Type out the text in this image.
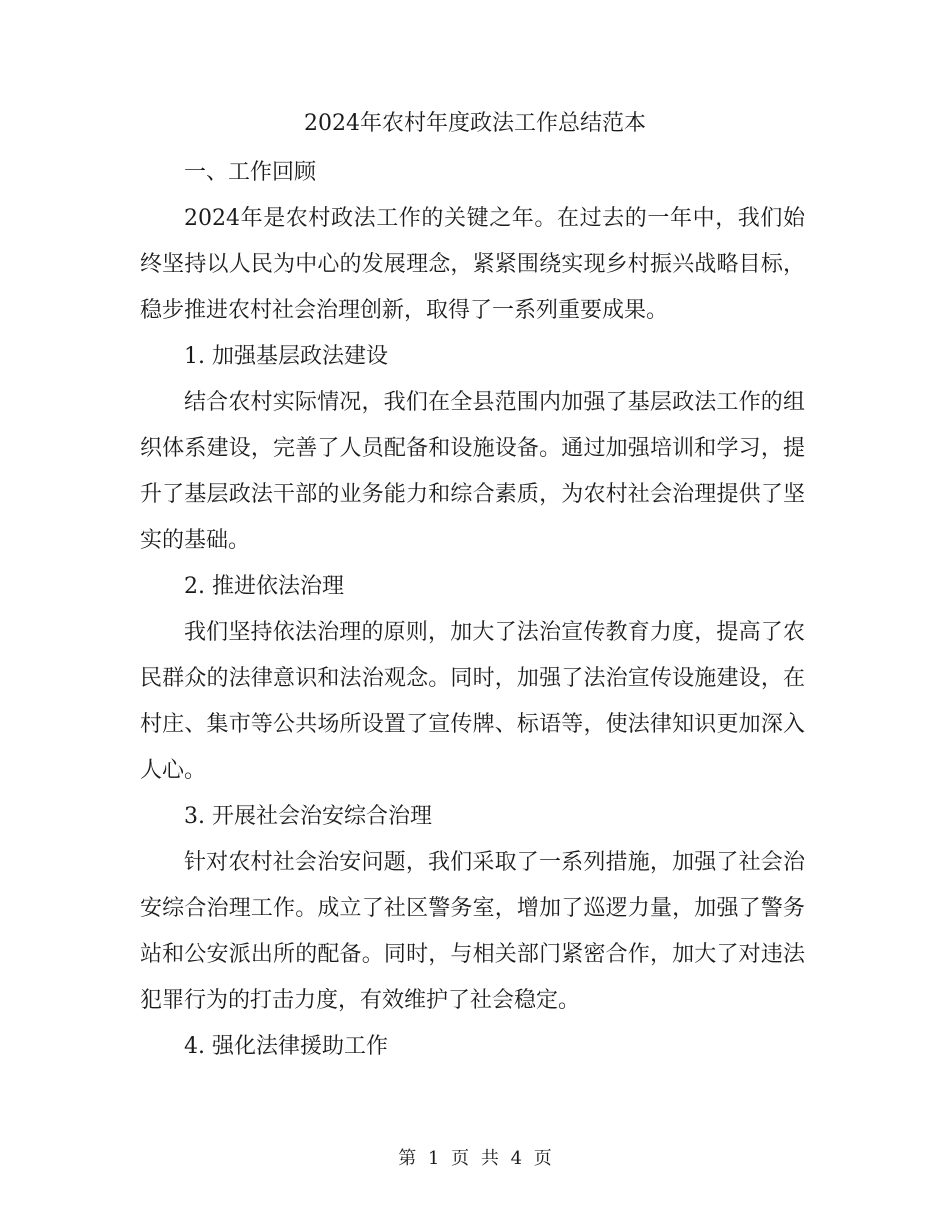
2024年农村年度政法工作总结范本

一、工作回顾

2024年是农村政法工作的关键之年。在过去的一年中，我们始终坚持以人民为中心的发展理念，紧紧围绕实现乡村振兴战略目标，稳步推进农村社会治理创新，取得了一系列重要成果。

1. 加强基层政法建设

结合农村实际情况，我们在全县范围内加强了基层政法工作的组织体系建设，完善了人员配备和设施设备。通过加强培训和学习，提升了基层政法干部的业务能力和综合素质，为农村社会治理提供了坚实的基础。

2. 推进依法治理

我们坚持依法治理的原则，加大了法治宣传教育力度，提高了农民群众的法律意识和法治观念。同时，加强了法治宣传设施建设，在村庄、集市等公共场所设置了宣传牌、标语等，使法律知识更加深入人心。

3. 开展社会治安综合治理

针对农村社会治安问题，我们采取了一系列措施，加强了社会治安综合治理工作。成立了社区警务室，增加了巡逻力量，加强了警务站和公安派出所的配备。同时，与相关部门紧密合作，加大了对违法犯罪行为的打击力度，有效维护了社会稳定。

4. 强化法律援助工作

第 1 页 共 4 页
